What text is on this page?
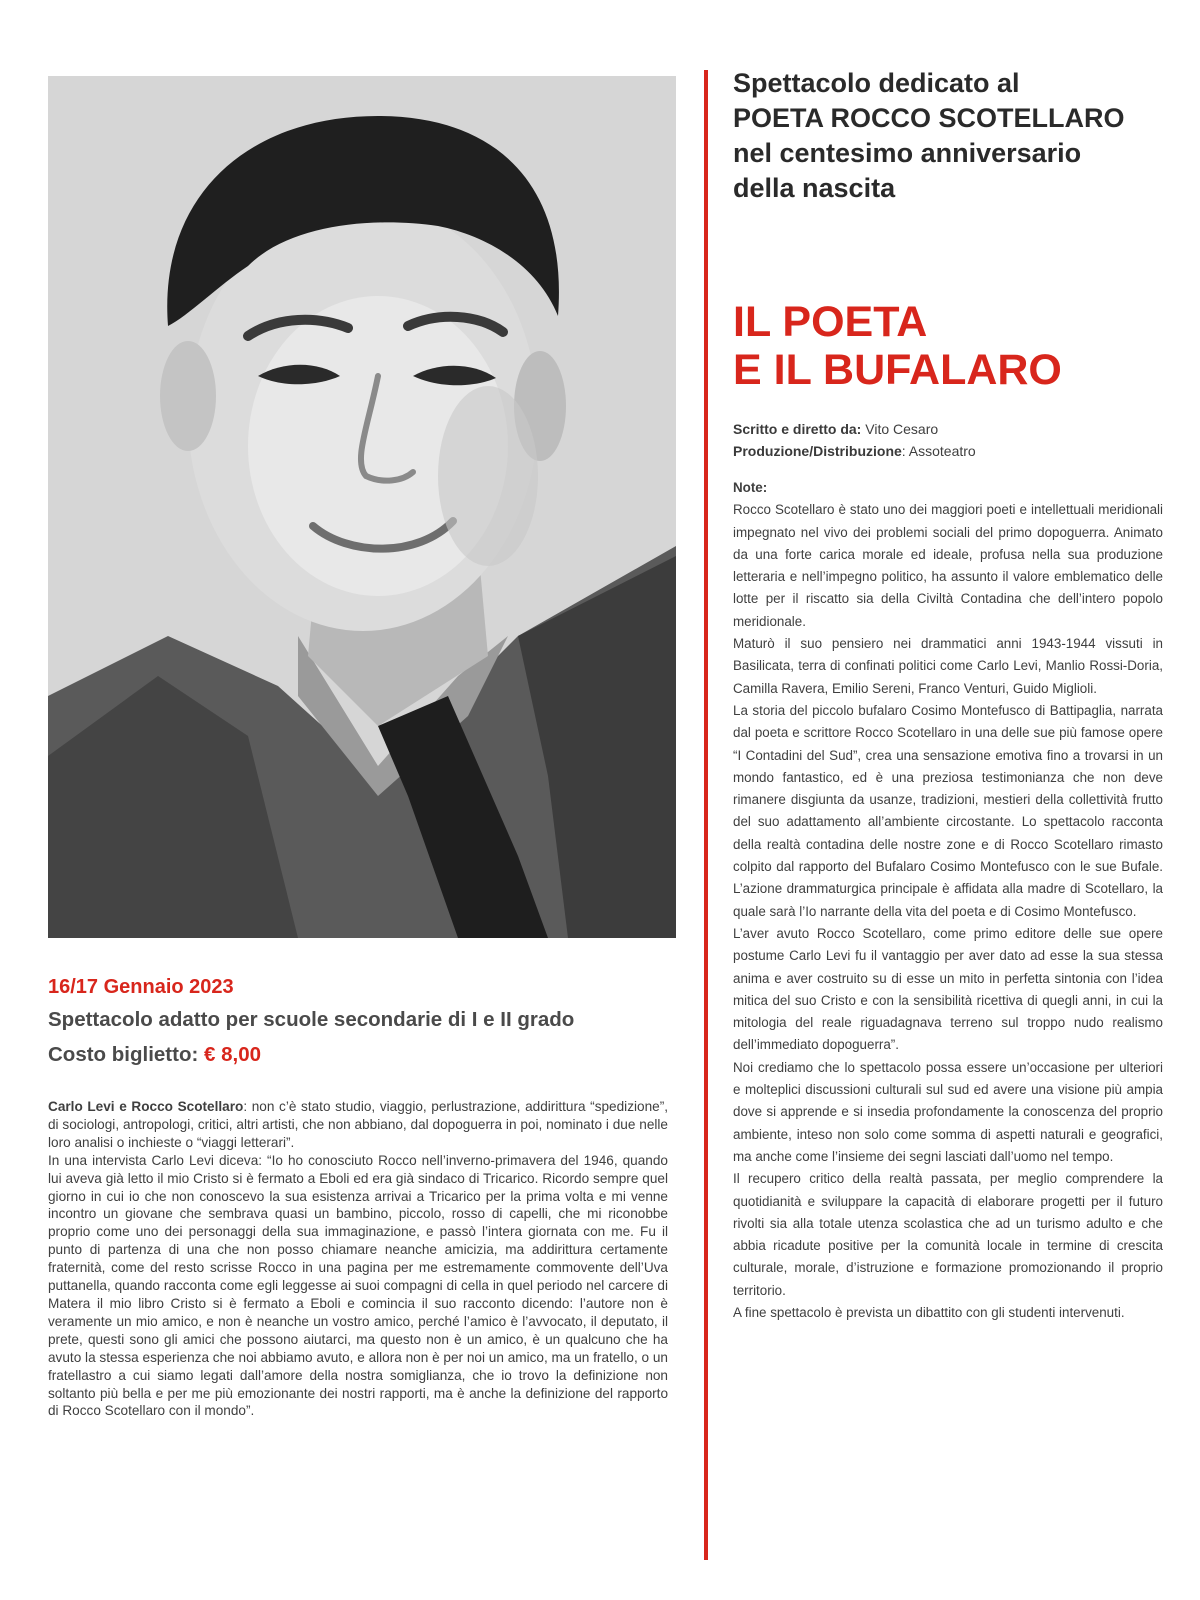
16/17 Gennaio 2023
Spettacolo adatto per scuole secondarie di I e II grado
Costo biglietto: € 8,00

Carlo Levi e Rocco Scotellaro: non c’è stato studio, viaggio, perlustrazione, addirittura “spedizione”, di sociologi, antropologi, critici, altri artisti, che non abbiano, dal dopoguerra in poi, nominato i due nelle loro analisi o inchieste o “viaggi letterari”.

In una intervista Carlo Levi diceva: “Io ho conosciuto Rocco nell’inverno-primavera del 1946, quando lui aveva già letto il mio Cristo si è fermato a Eboli ed era già sindaco di Tricarico. Ricordo sempre quel giorno in cui io che non conoscevo la sua esistenza arrivai a Tricarico per la prima volta e mi venne incontro un giovane che sembrava quasi un bambino, piccolo, rosso di capelli, che mi riconobbe proprio come uno dei personaggi della sua immaginazione, e passò l’intera giornata con me. Fu il punto di partenza di una che non posso chiamare neanche amicizia, ma addirittura certamente fraternità, come del resto scrisse Rocco in una pagina per me estremamente commovente dell’Uva puttanella, quando racconta come egli leggesse ai suoi compagni di cella in quel periodo nel carcere di Matera il mio libro Cristo si è fermato a Eboli e comincia il suo racconto dicendo: l’autore non è veramente un mio amico, e non è neanche un vostro amico, perché l’amico è l’avvocato, il deputato, il prete, questi sono gli amici che possono aiutarci, ma questo non è un amico, è un qualcuno che ha avuto la stessa esperienza che noi abbiamo avuto, e allora non è per noi un amico, ma un fratello, o un fratellastro a cui siamo legati dall’amore della nostra somiglianza, che io trovo la definizione non soltanto più bella e per me più emozionante dei nostri rapporti, ma è anche la definizione del rapporto di Rocco Scotellaro con il mondo”.

Spettacolo dedicato al
POETA ROCCO SCOTELLARO
nel centesimo anniversario
della nascita
IL POETA
E IL BUFALARO
Scritto e diretto da: Vito Cesaro
Produzione/Distribuzione: Assoteatro

Note:

Rocco Scotellaro è stato uno dei maggiori poeti e intellettuali meridionali impegnato nel vivo dei problemi sociali del primo dopoguerra. Animato da una forte carica morale ed ideale, profusa nella sua produzione letteraria e nell’impegno politico, ha assunto il valore emblematico delle lotte per il riscatto sia della Civiltà Contadina che dell’intero popolo meridionale.

Maturò il suo pensiero nei drammatici anni 1943-1944 vissuti in Basilicata, terra di confinati politici come Carlo Levi, Manlio Rossi-Doria, Camilla Ravera, Emilio Sereni, Franco Venturi, Guido Miglioli.

La storia del piccolo bufalaro Cosimo Montefusco di Battipaglia, narrata dal poeta e scrittore Rocco Scotellaro in una delle sue più famose opere “I Contadini del Sud”, crea una sensazione emotiva fino a trovarsi in un mondo fantastico, ed è una preziosa testimonianza che non deve rimanere disgiunta da usanze, tradizioni, mestieri della collettività frutto del suo adattamento all’ambiente circostante. Lo spettacolo racconta della realtà contadina delle nostre zone e di Rocco Scotellaro rimasto colpito dal rapporto del Bufalaro Cosimo Montefusco con le sue Bufale. L’azione drammaturgica principale è affidata alla madre di Scotellaro, la quale sarà l’Io narrante della vita del poeta e di Cosimo Montefusco.

L’aver avuto Rocco Scotellaro, come primo editore delle sue opere postume Carlo Levi fu il vantaggio per aver dato ad esse la sua stessa anima e aver costruito su di esse un mito in perfetta sintonia con l’idea mitica del suo Cristo e con la sensibilità ricettiva di quegli anni, in cui la mitologia del reale riguadagnava terreno sul troppo nudo realismo dell’immediato dopoguerra”.

Noi crediamo che lo spettacolo possa essere un’occasione per ulteriori e molteplici discussioni culturali sul sud ed avere una visione più ampia dove si apprende e si insedia profondamente la conoscenza del proprio ambiente, inteso non solo come somma di aspetti naturali e geografici, ma anche come l’insieme dei segni lasciati dall’uomo nel tempo.

Il recupero critico della realtà passata, per meglio comprendere la quotidianità e sviluppare la capacità di elaborare progetti per il futuro rivolti sia alla totale utenza scolastica che ad un turismo adulto e che abbia ricadute positive per la comunità locale in termine di crescita culturale, morale, d’istruzione e formazione promozionando il proprio territorio.

A fine spettacolo è prevista un dibattito con gli studenti intervenuti.
